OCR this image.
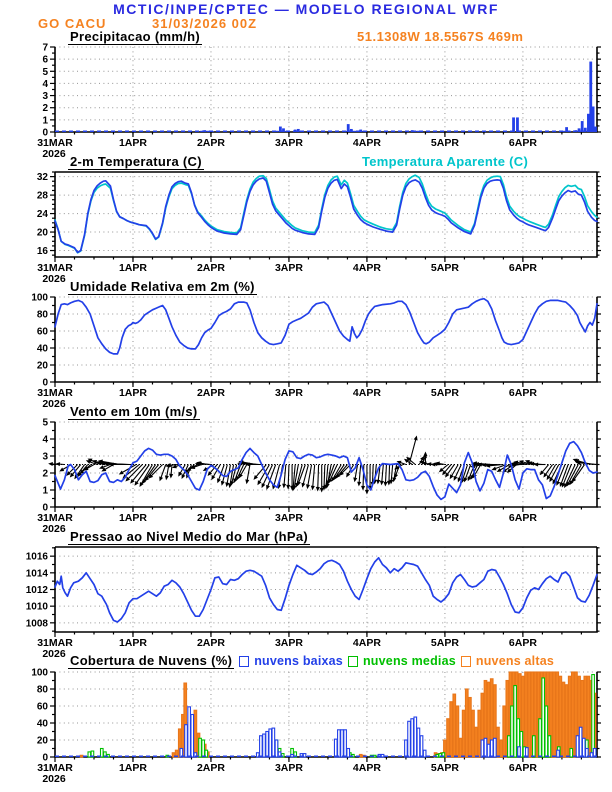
MCTIC/INPE/CPTEC — MODELO REGIONAL WRF
GO CACU	31/03/2026 00Z
51.1308W 18.5567S 469m
Precipitacao (mm/h)
2-m Temperatura (C)	Temperatura Aparente (C)
Umidade Relativa em 2m (%)
Vento em 10m (m/s)
Pressao ao Nivel Medio do Mar (hPa)
Cobertura de Nuvens (%) nuvens baixas nuvens medias nuvens altas
0
1
2
3
4
5
6
7
31MAR	1APR	2APR	3APR	4APR	5APR	6APR
2026
16
20
24
28
32
31MAR	1APR	2APR	3APR	4APR	5APR	6APR
2026
0
20
40
60
80
100
31MAR	1APR	2APR	3APR	4APR	5APR	6APR
2026
0
1
2
3
4
5
31MAR	1APR	2APR	3APR	4APR	5APR	6APR
2026
1008
1010
1012
1014
1016
31MAR	1APR	2APR	3APR	4APR	5APR	6APR
2026
0
20
40
60
80
100
31MAR	1APR	2APR	3APR	4APR	5APR	6APR
2026
